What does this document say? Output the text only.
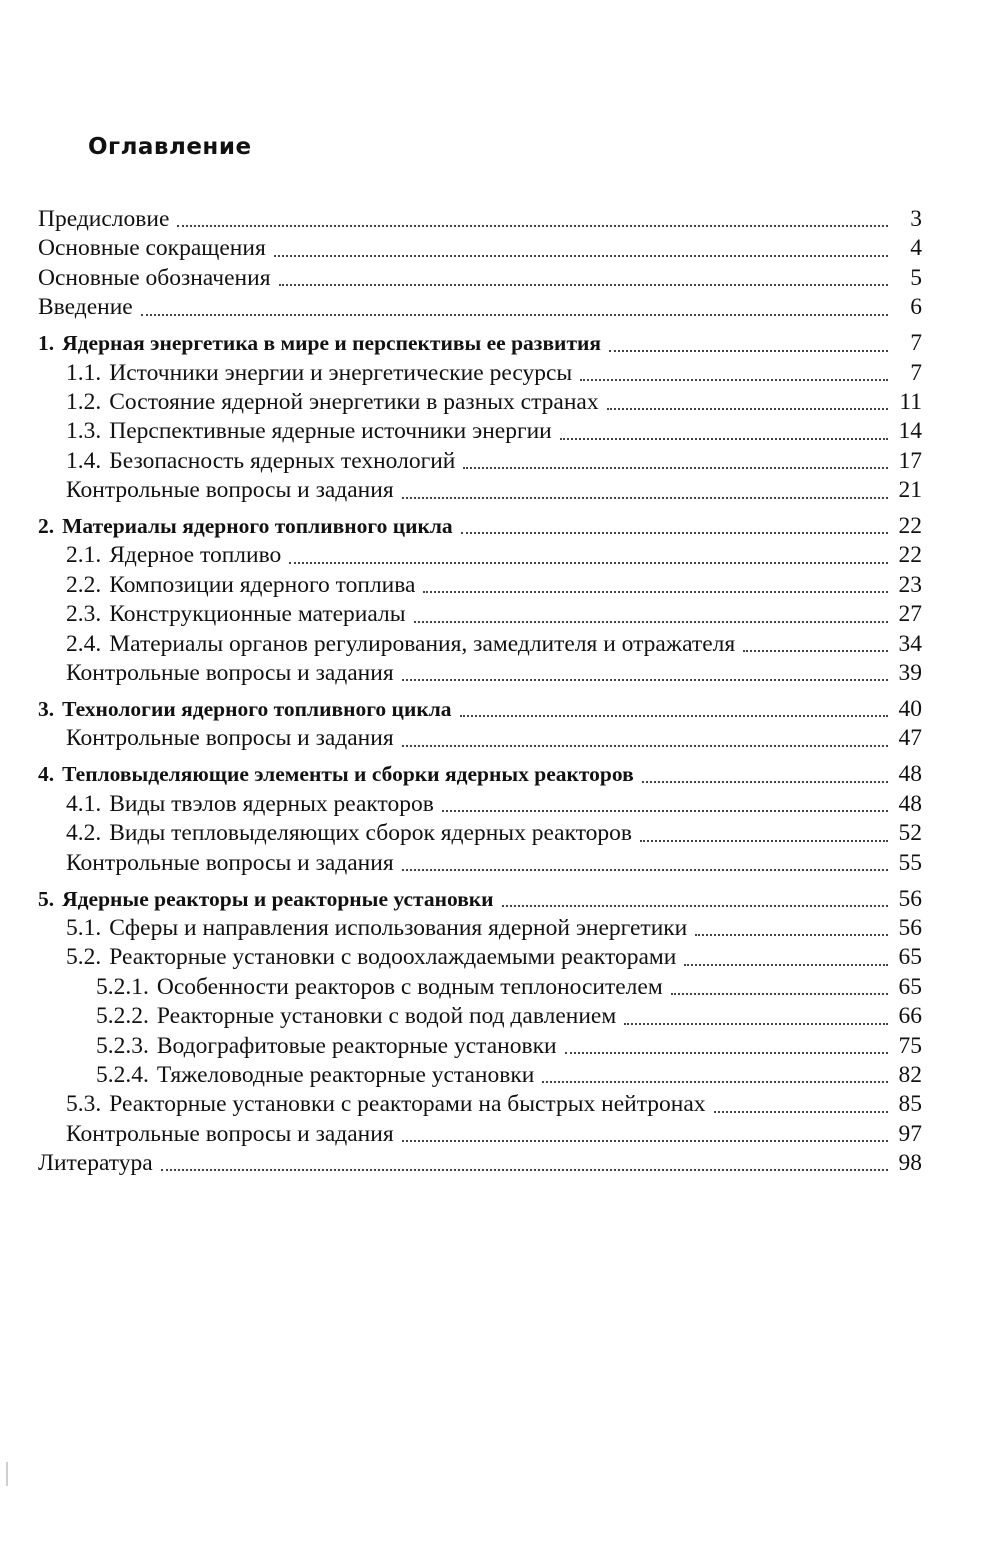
Оглавление
Предисловие	3
Основные сокращения	4
Основные обозначения	5
Введение	6
1. Ядерная энергетика в мире и перспективы ее развития	7
1.1. Источники энергии и энергетические ресурсы	7
1.2. Состояние ядерной энергетики в разных странах	11
1.3. Перспективные ядерные источники энергии	14
1.4. Безопасность ядерных технологий	17
Контрольные вопросы и задания	21
2. Материалы ядерного топливного цикла	22
2.1. Ядерное топливо	22
2.2. Композиции ядерного топлива	23
2.3. Конструкционные материалы	27
2.4. Материалы органов регулирования, замедлителя и отражателя	34
Контрольные вопросы и задания	39
3. Технологии ядерного топливного цикла	40
Контрольные вопросы и задания	47
4. Тепловыделяющие элементы и сборки ядерных реакторов	48
4.1. Виды твэлов ядерных реакторов	48
4.2. Виды тепловыделяющих сборок ядерных реакторов	52
Контрольные вопросы и задания	55
5. Ядерные реакторы и реакторные установки	56
5.1. Сферы и направления использования ядерной энергетики	56
5.2. Реакторные установки с водоохлаждаемыми реакторами	65
5.2.1. Особенности реакторов с водным теплоносителем	65
5.2.2. Реакторные установки с водой под давлением	66
5.2.3. Водографитовые реакторные установки	75
5.2.4. Тяжеловодные реакторные установки	82
5.3. Реакторные установки с реакторами на быстрых нейтронах	85
Контрольные вопросы и задания	97
Литература	98
